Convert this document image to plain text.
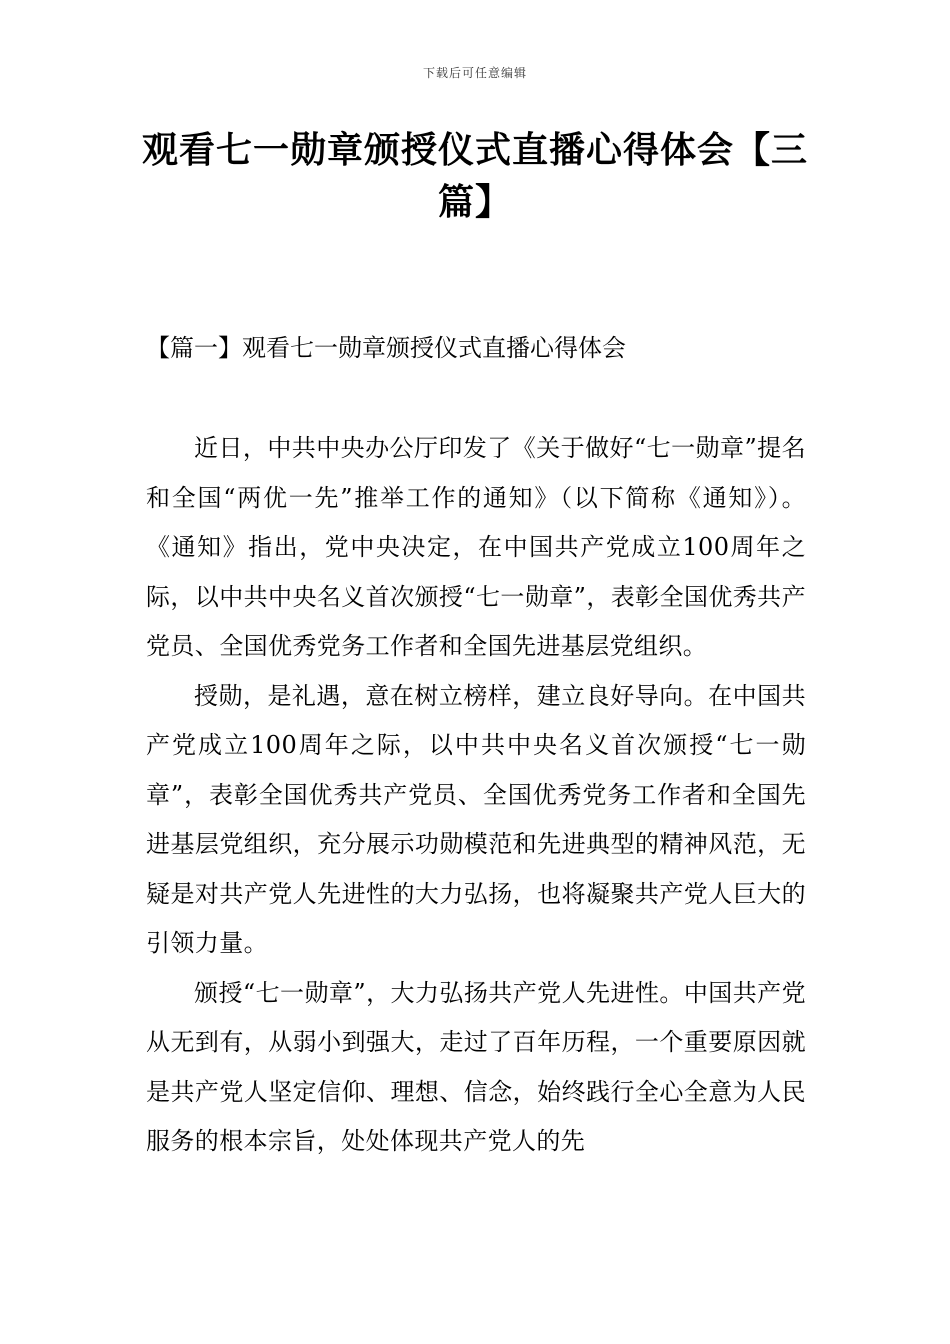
下载后可任意编辑
观看七一勋章颁授仪式直播心得体会【三篇】
【篇一】观看七一勋章颁授仪式直播心得体会

近日，中共中央办公厅印发了《关于做好“七一勋章”提名和全国“两优一先”推举工作的通知》（以下简称《通知》）。《通知》指出，党中央决定，在中国共产党成立100周年之际，以中共中央名义首次颁授“七一勋章”，表彰全国优秀共产党员、全国优秀党务工作者和全国先进基层党组织。

授勋，是礼遇，意在树立榜样，建立良好导向。在中国共产党成立100周年之际，以中共中央名义首次颁授“七一勋章”，表彰全国优秀共产党员、全国优秀党务工作者和全国先进基层党组织，充分展示功勋模范和先进典型的精神风范，无疑是对共产党人先进性的大力弘扬，也将凝聚共产党人巨大的引领力量。

颁授“七一勋章”，大力弘扬共产党人先进性。中国共产党从无到有，从弱小到强大，走过了百年历程，一个重要原因就是共产党人坚定信仰、理想、信念，始终践行全心全意为人民服务的根本宗旨，处处体现共产党人的先
